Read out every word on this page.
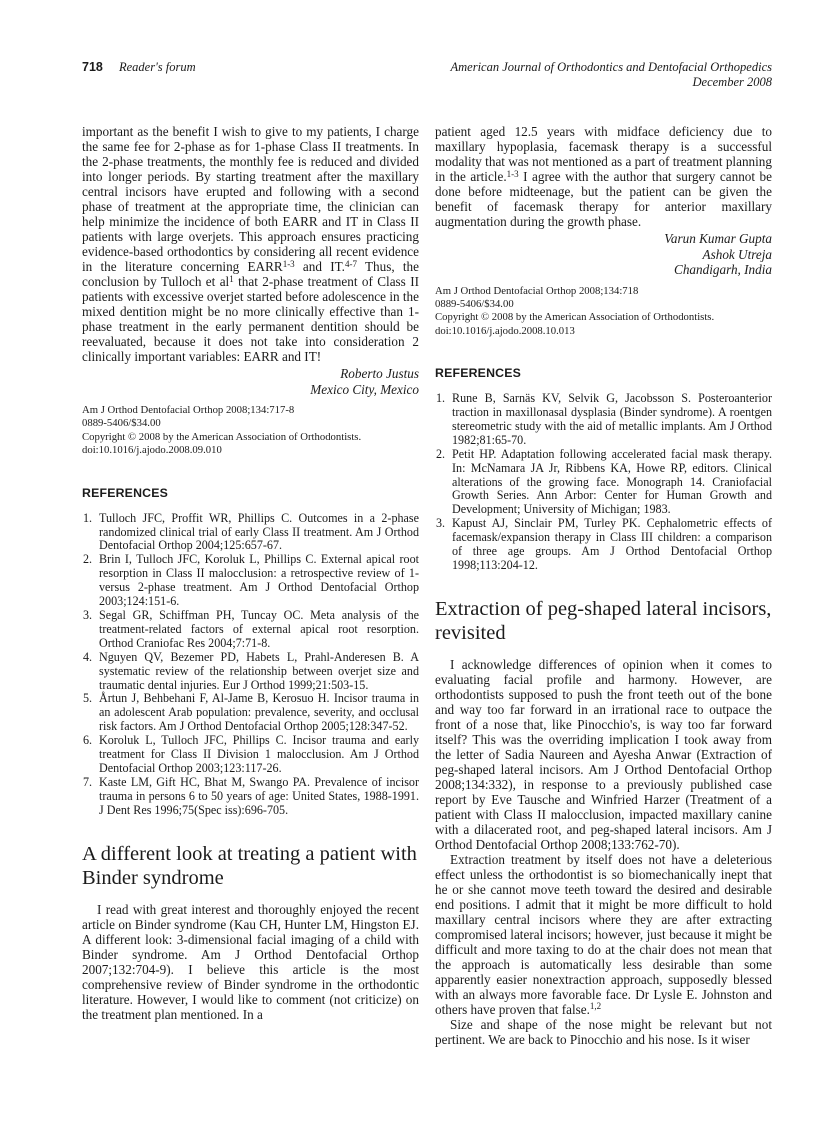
718 Reader's forum	American Journal of Orthodontics and Dentofacial Orthopedics
December 2008

important as the benefit I wish to give to my patients, I charge the same fee for 2-phase as for 1-phase Class II treatments. In the 2-phase treatments, the monthly fee is reduced and divided into longer periods. By starting treatment after the maxillary central incisors have erupted and following with a second phase of treatment at the appropriate time, the clinician can help minimize the incidence of both EARR and IT in Class II patients with large overjets. This approach ensures practicing evidence-based orthodontics by considering all recent evidence in the literature concerning EARR$^{1-3}$ and IT.$^{4-7}$ Thus, the conclusion by Tulloch et $al^1$ that 2-phase treatment of Class II patients with excessive overjet started before adolescence in the mixed dentition might be no more clinically effective than 1-phase treatment in the early permanent dentition should be reevaluated, because it does not take into consideration 2 clinically important variables: EARR and IT!

Roberto Justus
Mexico City, Mexico
Am J Orthod Dentofacial Orthop 2008;134:717-8
0889-5406/$34.00
Copyright © 2008 by the American Association of Orthodontists.
doi:10.1016/j.ajodo.2008.09.010
REFERENCES
1. Tulloch JFC, Proffit WR, Phillips C. Outcomes in a 2-phase randomized clinical trial of early Class II treatment. Am J Orthod Dentofacial Orthop 2004;125:657-67.
2. Brin I, Tulloch JFC, Koroluk L, Phillips C. External apical root resorption in Class II malocclusion: a retrospective review of 1- versus 2-phase treatment. Am J Orthod Dentofacial Orthop 2003;124:151-6.
3. Segal GR, Schiffman PH, Tuncay OC. Meta analysis of the treatment-related factors of external apical root resorption. Orthod Craniofac Res 2004;7:71-8.
4. Nguyen QV, Bezemer PD, Habets L, Prahl-Anderesen B. A systematic review of the relationship between overjet size and traumatic dental injuries. Eur J Orthod 1999;21:503-15.
5. Årtun J, Behbehani F, Al-Jame B, Kerosuo H. Incisor trauma in an adolescent Arab population: prevalence, severity, and occlusal risk factors. Am J Orthod Dentofacial Orthop 2005;128:347-52.
6. Koroluk L, Tulloch JFC, Phillips C. Incisor trauma and early treatment for Class II Division 1 malocclusion. Am J Orthod Dentofacial Orthop 2003;123:117-26.
7. Kaste LM, Gift HC, Bhat M, Swango PA. Prevalence of incisor trauma in persons 6 to 50 years of age: United States, 1988-1991. J Dent Res 1996;75(Spec iss):696-705.
A different look at treating a patient with Binder syndrome

I read with great interest and thoroughly enjoyed the recent article on Binder syndrome (Kau CH, Hunter LM, Hingston EJ. A different look: 3-dimensional facial imaging of a child with Binder syndrome. Am J Orthod Dentofacial Orthop 2007;132:704-9). I believe this article is the most comprehensive review of Binder syndrome in the orthodontic literature. However, I would like to comment (not criticize) on the treatment plan mentioned. In a

patient aged 12.5 years with midface deficiency due to maxillary hypoplasia, facemask therapy is a successful modality that was not mentioned as a part of treatment planning in the article.$^{1-3}$ I agree with the author that surgery cannot be done before midteenage, but the patient can be given the benefit of facemask therapy for anterior maxillary augmentation during the growth phase.

Varun Kumar Gupta
Ashok Utreja
Chandigarh, India
Am J Orthod Dentofacial Orthop 2008;134:718
0889-5406/$34.00
Copyright © 2008 by the American Association of Orthodontists.
doi:10.1016/j.ajodo.2008.10.013
REFERENCES
1. Rune B, Sarnäs KV, Selvik G, Jacobsson S. Posteroanterior traction in maxillonasal dysplasia (Binder syndrome). A roentgen stereometric study with the aid of metallic implants. Am J Orthod 1982;81:65-70.
2. Petit HP. Adaptation following accelerated facial mask therapy. In: McNamara JA Jr, Ribbens KA, Howe RP, editors. Clinical alterations of the growing face. Monograph 14. Craniofacial Growth Series. Ann Arbor: Center for Human Growth and Development; University of Michigan; 1983.
3. Kapust AJ, Sinclair PM, Turley PK. Cephalometric effects of facemask/expansion therapy in Class III children: a comparison of three age groups. Am J Orthod Dentofacial Orthop 1998;113:204-12.
Extraction of peg-shaped lateral incisors, revisited

I acknowledge differences of opinion when it comes to evaluating facial profile and harmony. However, are orthodontists supposed to push the front teeth out of the bone and way too far forward in an irrational race to outpace the front of a nose that, like Pinocchio's, is way too far forward itself? This was the overriding implication I took away from the letter of Sadia Naureen and Ayesha Anwar (Extraction of peg-shaped lateral incisors. Am J Orthod Dentofacial Orthop 2008;134:332), in response to a previously published case report by Eve Tausche and Winfried Harzer (Treatment of a patient with Class II malocclusion, impacted maxillary canine with a dilacerated root, and peg-shaped lateral incisors. Am J Orthod Dentofacial Orthop 2008;133:762-70).

Extraction treatment by itself does not have a deleterious effect unless the orthodontist is so biomechanically inept that he or she cannot move teeth toward the desired and desirable end positions. I admit that it might be more difficult to hold maxillary central incisors where they are after extracting compromised lateral incisors; however, just because it might be difficult and more taxing to do at the chair does not mean that the approach is automatically less desirable than some apparently easier nonextraction approach, supposedly blessed with an always more favorable face. Dr Lysle E. Johnston and others have proven that false.$^{1,2}$

Size and shape of the nose might be relevant but not pertinent. We are back to Pinocchio and his nose. Is it wiser
